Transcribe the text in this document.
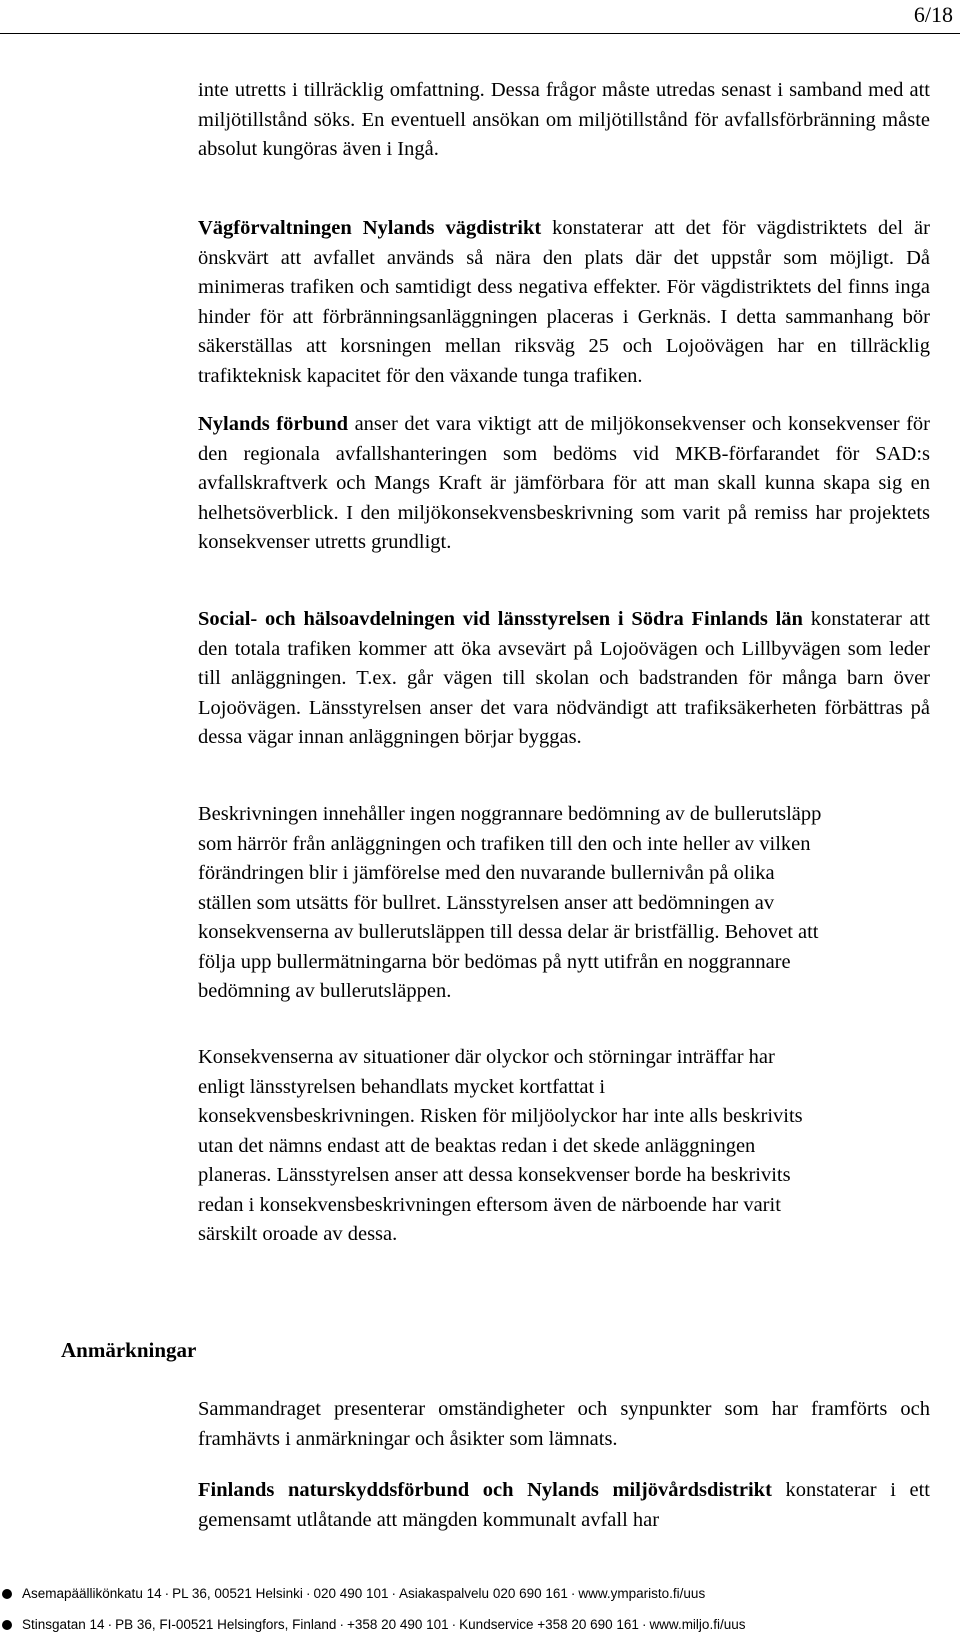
6/18

inte utretts i tillräcklig omfattning. Dessa frågor måste utredas senast i samband med att miljötillstånd söks. En eventuell ansökan om miljötillstånd för avfallsförbränning måste absolut kungöras även i Ingå.

Vägförvaltningen Nylands vägdistrikt konstaterar att det för vägdistriktets del är önskvärt att avfallet används så nära den plats där det uppstår som möjligt. Då minimeras trafiken och samtidigt dess negativa effekter. För vägdistriktets del finns inga hinder för att förbränningsanläggningen placeras i Gerknäs. I detta sammanhang bör säkerställas att korsningen mellan riksväg 25 och Lojoövägen har en tillräcklig trafikteknisk kapacitet för den växande tunga trafiken.

Nylands förbund anser det vara viktigt att de miljökonsekvenser och konsekvenser för den regionala avfallshanteringen som bedöms vid MKB-förfarandet för SAD:s avfallskraftverk och Mangs Kraft är jämförbara för att man skall kunna skapa sig en helhetsöverblick. I den miljökonsekvensbeskrivning som varit på remiss har projektets konsekvenser utretts grundligt.

Social- och hälsoavdelningen vid länsstyrelsen i Södra Finlands län konstaterar att den totala trafiken kommer att öka avsevärt på Lojoövägen och Lillbyvägen som leder till anläggningen. T.ex. går vägen till skolan och badstranden för många barn över Lojoövägen. Länsstyrelsen anser det vara nödvändigt att trafiksäkerheten förbättras på dessa vägar innan anläggningen börjar byggas.

Beskrivningen innehåller ingen noggrannare bedömning av de bullerutsläpp
som härrör från anläggningen och trafiken till den och inte heller av vilken
förändringen blir i jämförelse med den nuvarande bullernivån på olika
ställen som utsätts för bullret. Länsstyrelsen anser att bedömningen av
konsekvenserna av bullerutsläppen till dessa delar är bristfällig. Behovet att
följa upp bullermätningarna bör bedömas på nytt utifrån en noggrannare
bedömning av bullerutsläppen.
Konsekvenserna av situationer där olyckor och störningar inträffar har
enligt länsstyrelsen behandlats mycket kortfattat i
konsekvensbeskrivningen. Risken för miljöolyckor har inte alls beskrivits
utan det nämns endast att de beaktas redan i det skede anläggningen
planeras. Länsstyrelsen anser att dessa konsekvenser borde ha beskrivits
redan i konsekvensbeskrivningen eftersom även de närboende har varit
särskilt oroade av dessa.
Anmärkningar

Sammandraget presenterar omständigheter och synpunkter som har framförts och framhävts i anmärkningar och åsikter som lämnats.

Finlands naturskyddsförbund och Nylands miljövårdsdistrikt konstaterar i ett gemensamt utlåtande att mängden kommunalt avfall har

Asemapäällikönkatu 14 · PL 36, 00521 Helsinki · 020 490 101 · Asiakaspalvelu 020 690 161 · www.ymparisto.fi/uus
Stinsgatan 14 · PB 36, FI-00521 Helsingfors, Finland · +358 20 490 101 · Kundservice +358 20 690 161 · www.miljo.fi/uus
